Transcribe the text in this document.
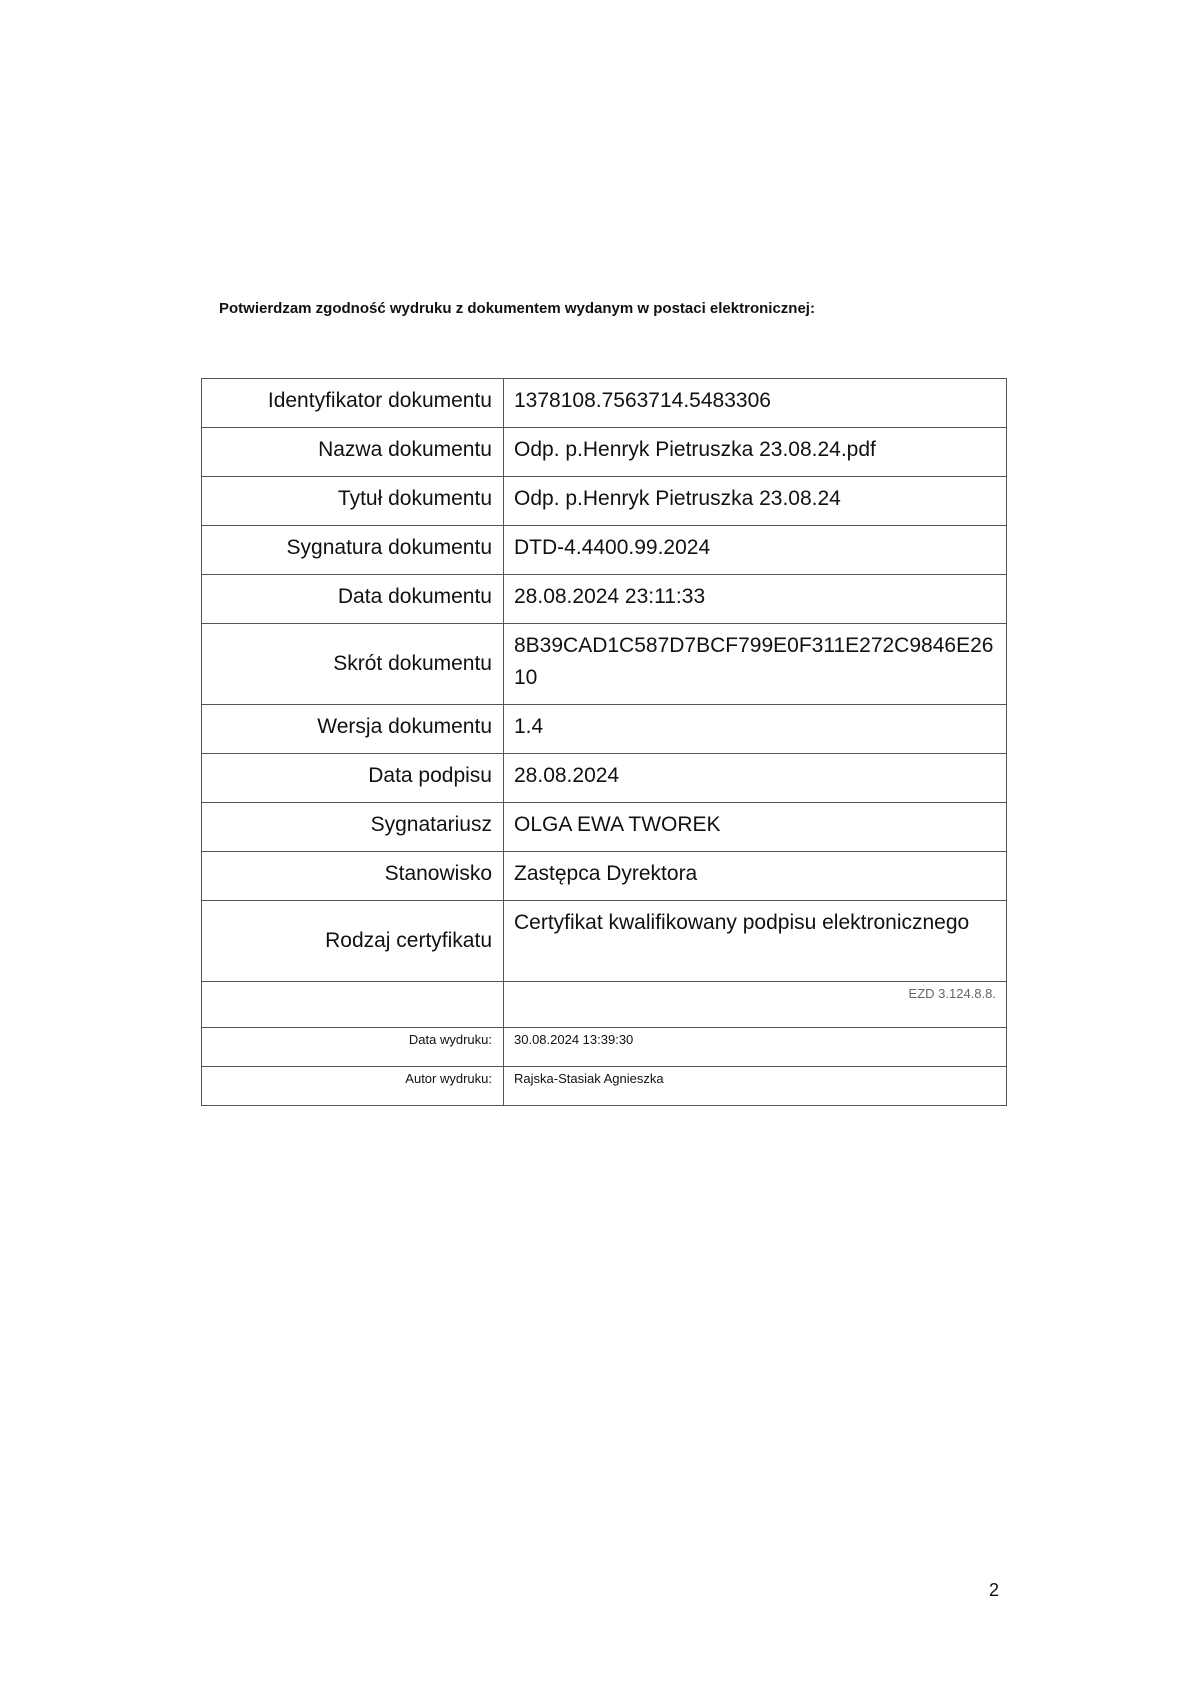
Potwierdzam zgodność wydruku z dokumentem wydanym w postaci elektronicznej:
Identyfikator dokumentu	1378108.7563714.5483306
Nazwa dokumentu	Odp. p.Henryk Pietruszka 23.08.24.pdf
Tytuł dokumentu	Odp. p.Henryk Pietruszka 23.08.24
Sygnatura dokumentu	DTD-4.4400.99.2024
Data dokumentu	28.08.2024 23:11:33
Skrót dokumentu	8B39CAD1C587D7BCF799E0F311E272C9846E26 10
Wersja dokumentu	1.4
Data podpisu	28.08.2024
Sygnatariusz	OLGA EWA TWOREK
Stanowisko	Zastępca Dyrektora
Rodzaj certyfikatu	Certyfikat kwalifikowany podpisu elektronicznego
	EZD 3.124.8.8.
Data wydruku:	30.08.2024 13:39:30
Autor wydruku:	Rajska-Stasiak Agnieszka
2
